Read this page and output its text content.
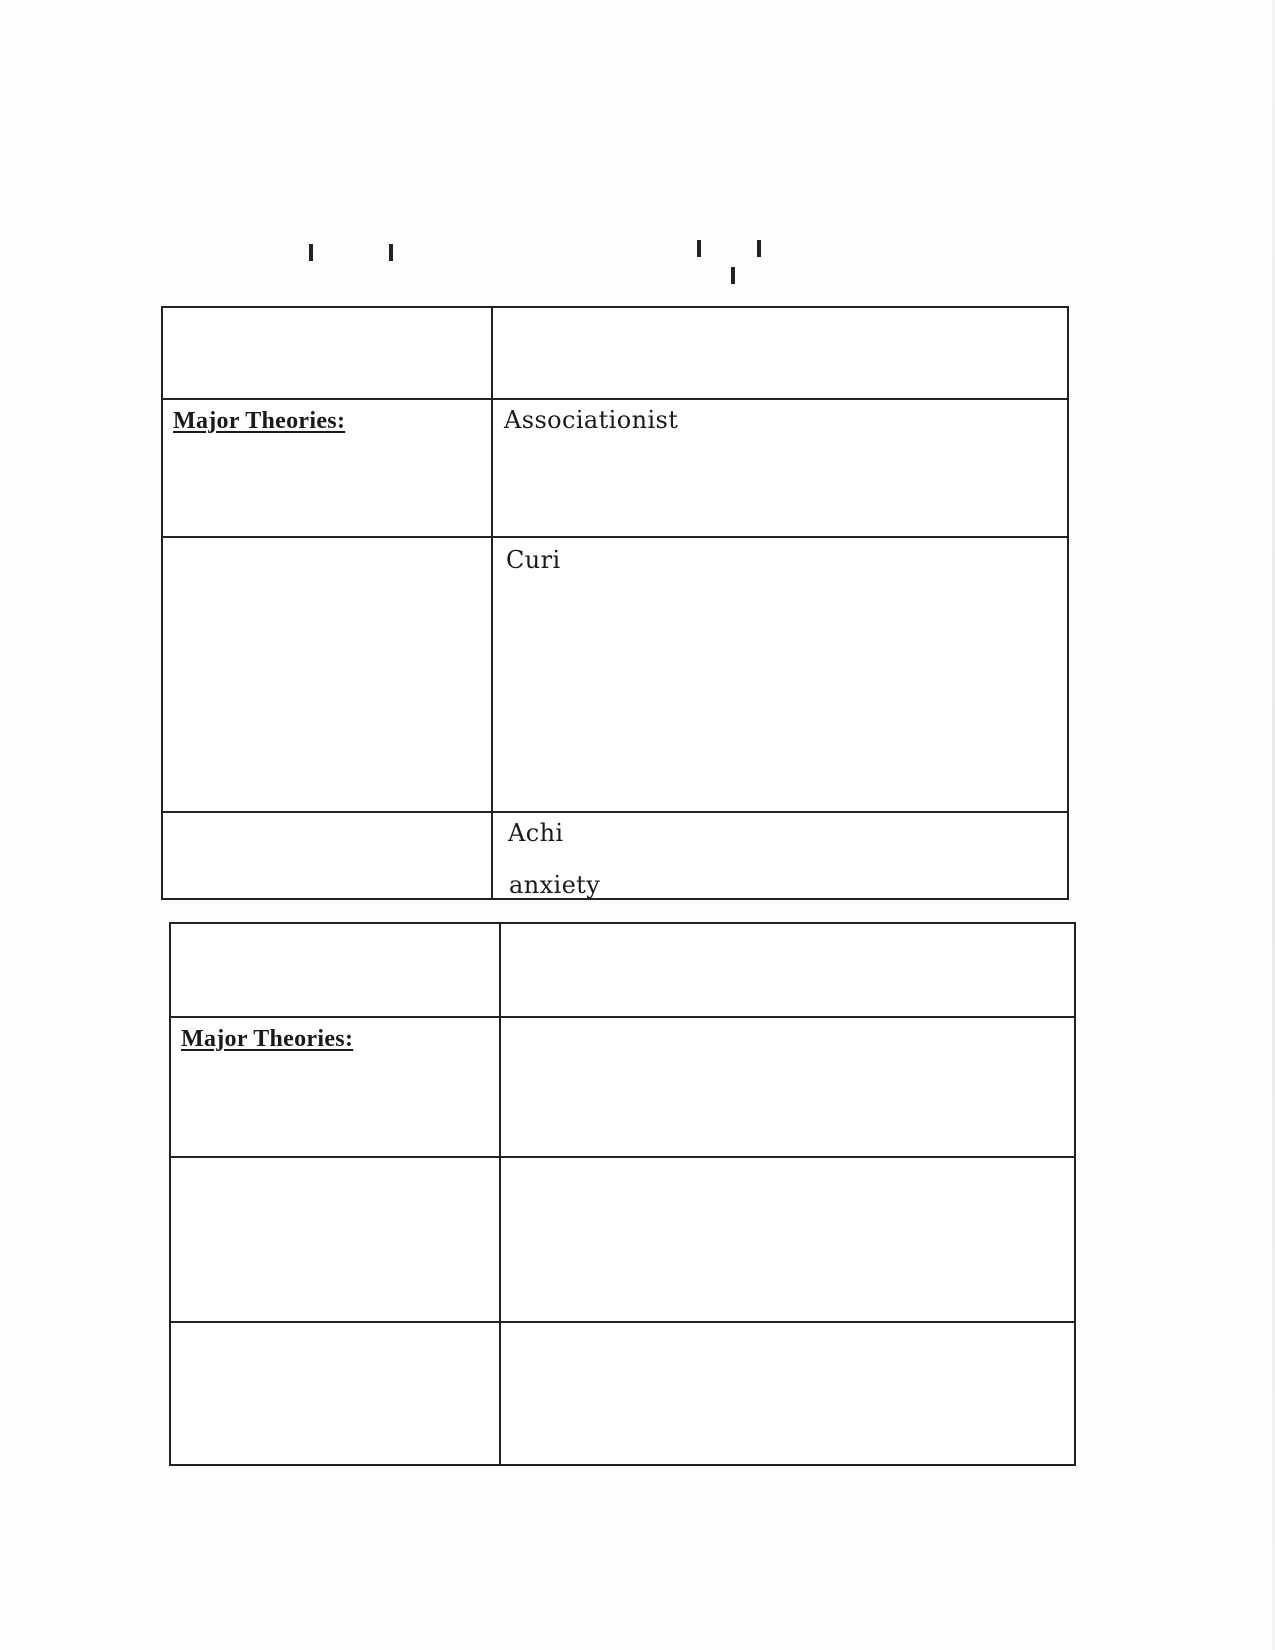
Major Theories:	Associationist
Curi
Achi
anxiety
Major Theories:
